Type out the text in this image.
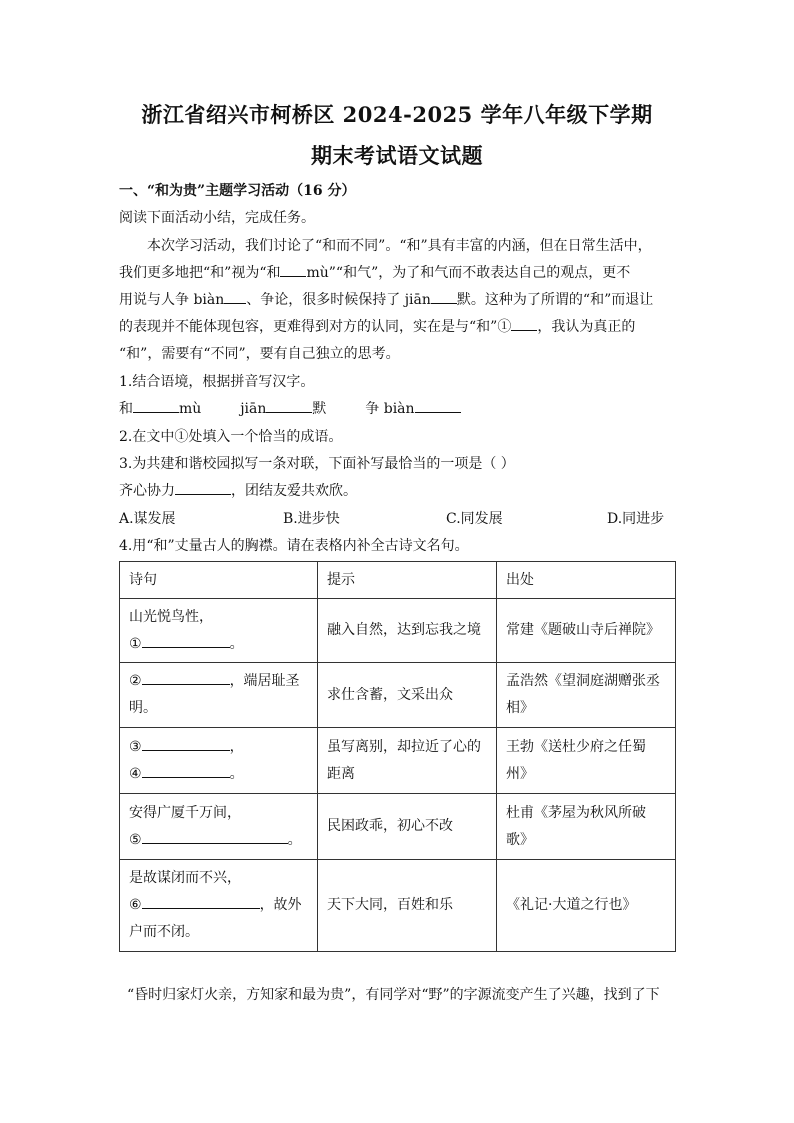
浙江省绍兴市柯桥区 2024-2025 学年八年级下学期
期末考试语文试题
一、“和为贵”主题学习活动（16 分）
阅读下面活动小结，完成任务。
本次学习活动，我们讨论了“和而不同”。“和”具有丰富的内涵，但在日常生活中，
我们更多地把“和”视为“和 mù”“和气”，为了和气而不敢表达自己的观点，更不
用说与人争 biàn 、争论，很多时候保持了 jiān 默。这种为了所谓的“和”而退让
的表现并不能体现包容，更难得到对方的认同，实在是与“和”① ，我认为真正的
“和”，需要有“不同”，要有自己独立的思考。
1.结合语境，根据拼音写汉字。
和	mù	jiān	默	争 biàn
2.在文中①处填入一个恰当的成语。
3.为共建和谐校园拟写一条对联，下面补写最恰当的一项是（ ）
齐心协力	，团结友爱共欢欣。
A.谋发展	B.进步快	C.同发展	D.同进步
4.用“和”丈量古人的胸襟。请在表格内补全古诗文名句。
诗句	提示	出处

山光悦鸟性，
① 。	融入自然，达到忘我之境	常建《题破山寺后禅院》

② ，端居耻圣
明。	求仕含蓄，文采出众	孟浩然《望洞庭湖赠张丞相》

③ ，
④ 。	虽写离别，却拉近了心的距离	王勃《送杜少府之任蜀州》

安得广厦千万间，
⑤ 。	民困政乖，初心不改	杜甫《茅屋为秋风所破歌》

是故谋闭而不兴，
⑥ ，故外
户而不闭。	天下大同，百姓和乐	《礼记·大道之行也》
“昏时归家灯火亲，方知家和最为贵”，有同学对“野”的字源流变产生了兴趣，找到了下
